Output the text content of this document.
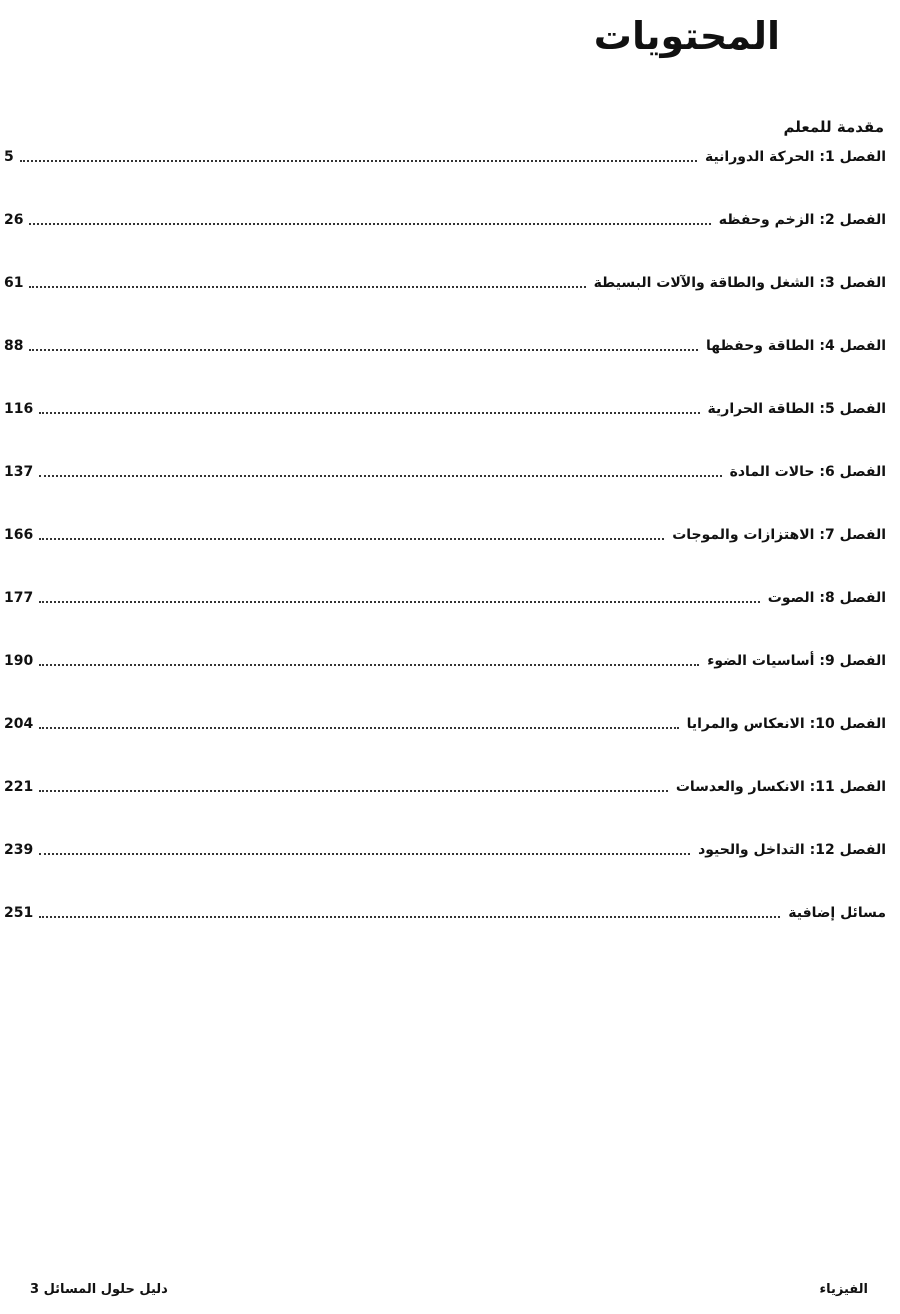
المحتويات

مقدمة للمعلم

الفصل 1: الحركة الدورانية
5
الفصل 2: الزخم وحفظه
26
الفصل 3: الشغل والطاقة والآلات البسيطة
61
الفصل 4: الطاقة وحفظها
88
الفصل 5: الطاقة الحرارية
116
الفصل 6: حالات المادة
137
الفصل 7: الاهتزازات والموجات
166
الفصل 8: الصوت
177
الفصل 9: أساسيات الضوء
190
الفصل 10: الانعكاس والمرايا
204
الفصل 11: الانكسار والعدسات
221
الفصل 12: التداخل والحيود
239
مسائل إضافية
251
دليل حلول المسائل 3	الفيزياء
